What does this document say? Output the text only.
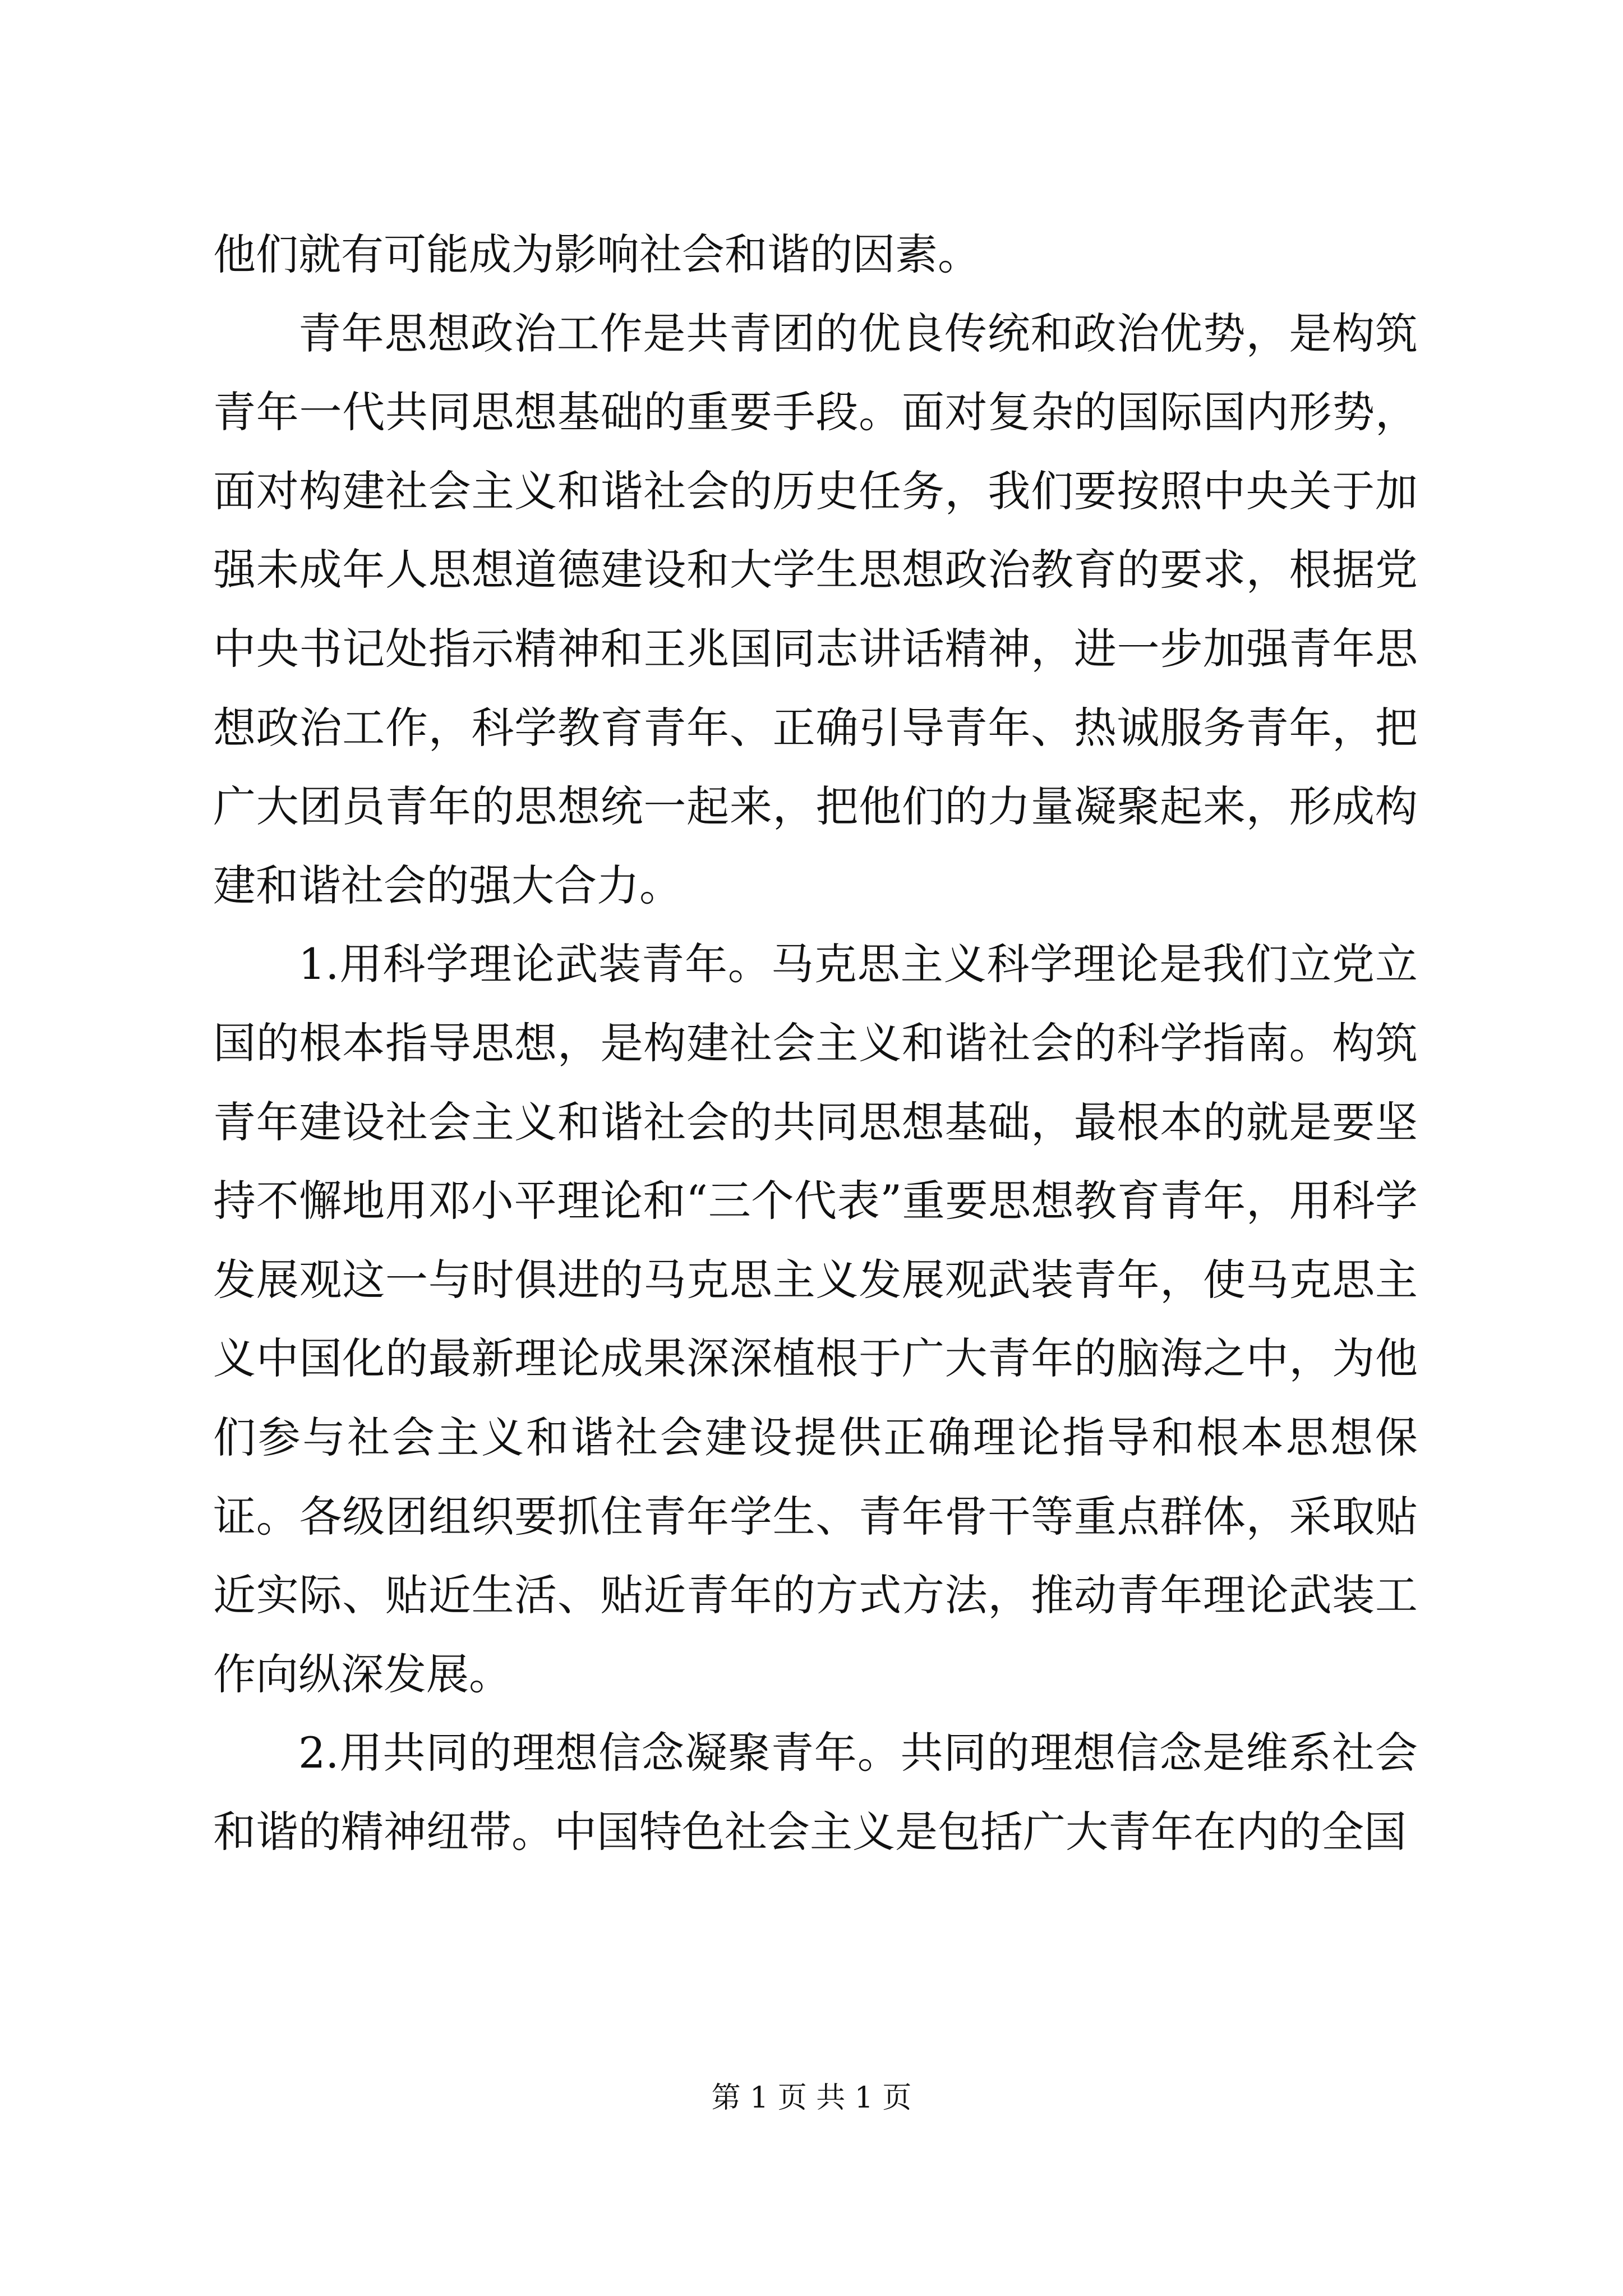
他们就有可能成为影响社会和谐的因素。

青年思想政治工作是共青团的优良传统和政治优势，是构筑青年一代共同思想基础的重要手段。面对复杂的国际国内形势，面对构建社会主义和谐社会的历史任务，我们要按照中央关于加强未成年人思想道德建设和大学生思想政治教育的要求，根据党中央书记处指示精神和王兆国同志讲话精神，进一步加强青年思想政治工作，科学教育青年、正确引导青年、热诚服务青年，把广大团员青年的思想统一起来，把他们的力量凝聚起来，形成构建和谐社会的强大合力。

1.用科学理论武装青年。马克思主义科学理论是我们立党立国的根本指导思想，是构建社会主义和谐社会的科学指南。构筑青年建设社会主义和谐社会的共同思想基础，最根本的就是要坚持不懈地用邓小平理论和“三个代表”重要思想教育青年，用科学发展观这一与时俱进的马克思主义发展观武装青年，使马克思主义中国化的最新理论成果深深植根于广大青年的脑海之中，为他们参与社会主义和谐社会建设提供正确理论指导和根本思想保证。各级团组织要抓住青年学生、青年骨干等重点群体，采取贴近实际、贴近生活、贴近青年的方式方法，推动青年理论武装工作向纵深发展。

2.用共同的理想信念凝聚青年。共同的理想信念是维系社会和谐的精神纽带。中国特色社会主义是包括广大青年在内的全国

第 1 页 共 1 页
